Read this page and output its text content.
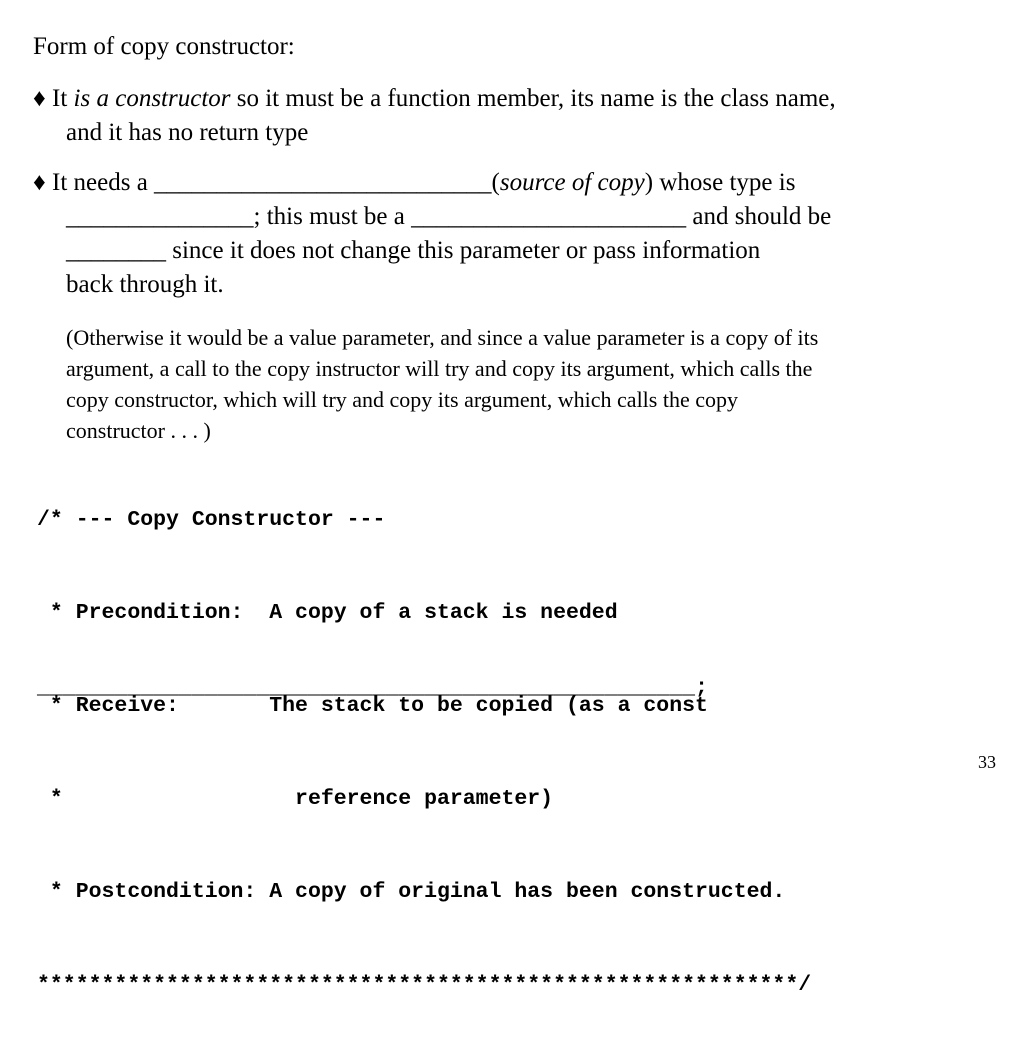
Form of copy constructor:
♦ It is a constructor so it must be a function member, its name is the class name,
and it has no return type
♦ It needs a ___________________________(source of copy) whose type is
_______________; this must be a ______________________ and should be
________ since it does not change this parameter or pass information
back through it.
(Otherwise it would be a value parameter, and since a value parameter is a copy of its
argument, a call to the copy instructor will try and copy its argument, which calls the
copy constructor, which will try and copy its argument, which calls the copy
constructor . . . )

/* --- Copy Constructor ---

* Precondition:  A copy of a stack is needed

* Receive:       The stack to be copied (as a const

*                  reference parameter)

* Postcondition: A copy of original has been constructed.

***********************************************************/

___________________________________________________;
33
